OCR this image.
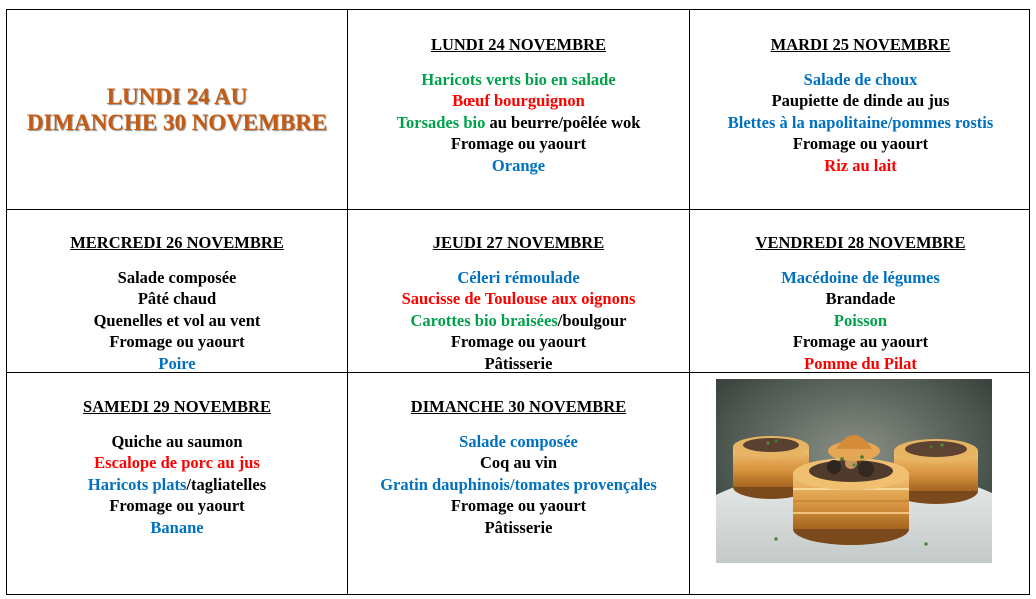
LUNDI 24 AU
DIMANCHE 30 NOVEMBRE
LUNDI 24 NOVEMBRE
Haricots verts bio en salade
Bœuf bourguignon
Torsades bio au beurre/poêlée wok
Fromage ou yaourt
Orange
MARDI 25 NOVEMBRE
Salade de choux
Paupiette de dinde au jus
Blettes à la napolitaine/pommes rostis
Fromage ou yaourt
Riz au lait
MERCREDI 26 NOVEMBRE
Salade composée
Pâté chaud
Quenelles et vol au vent
Fromage ou yaourt
Poire
JEUDI 27 NOVEMBRE
Céleri rémoulade
Saucisse de Toulouse aux oignons
Carottes bio braisées/boulgour
Fromage ou yaourt
Pâtisserie
VENDREDI 28 NOVEMBRE
Macédoine de légumes
Brandade
Poisson
Fromage au yaourt
Pomme du Pilat
SAMEDI 29 NOVEMBRE
Quiche au saumon
Escalope de porc au jus
Haricots plats/tagliatelles
Fromage ou yaourt
Banane
DIMANCHE 30 NOVEMBRE
Salade composée
Coq au vin
Gratin dauphinois/tomates provençales
Fromage ou yaourt
Pâtisserie
